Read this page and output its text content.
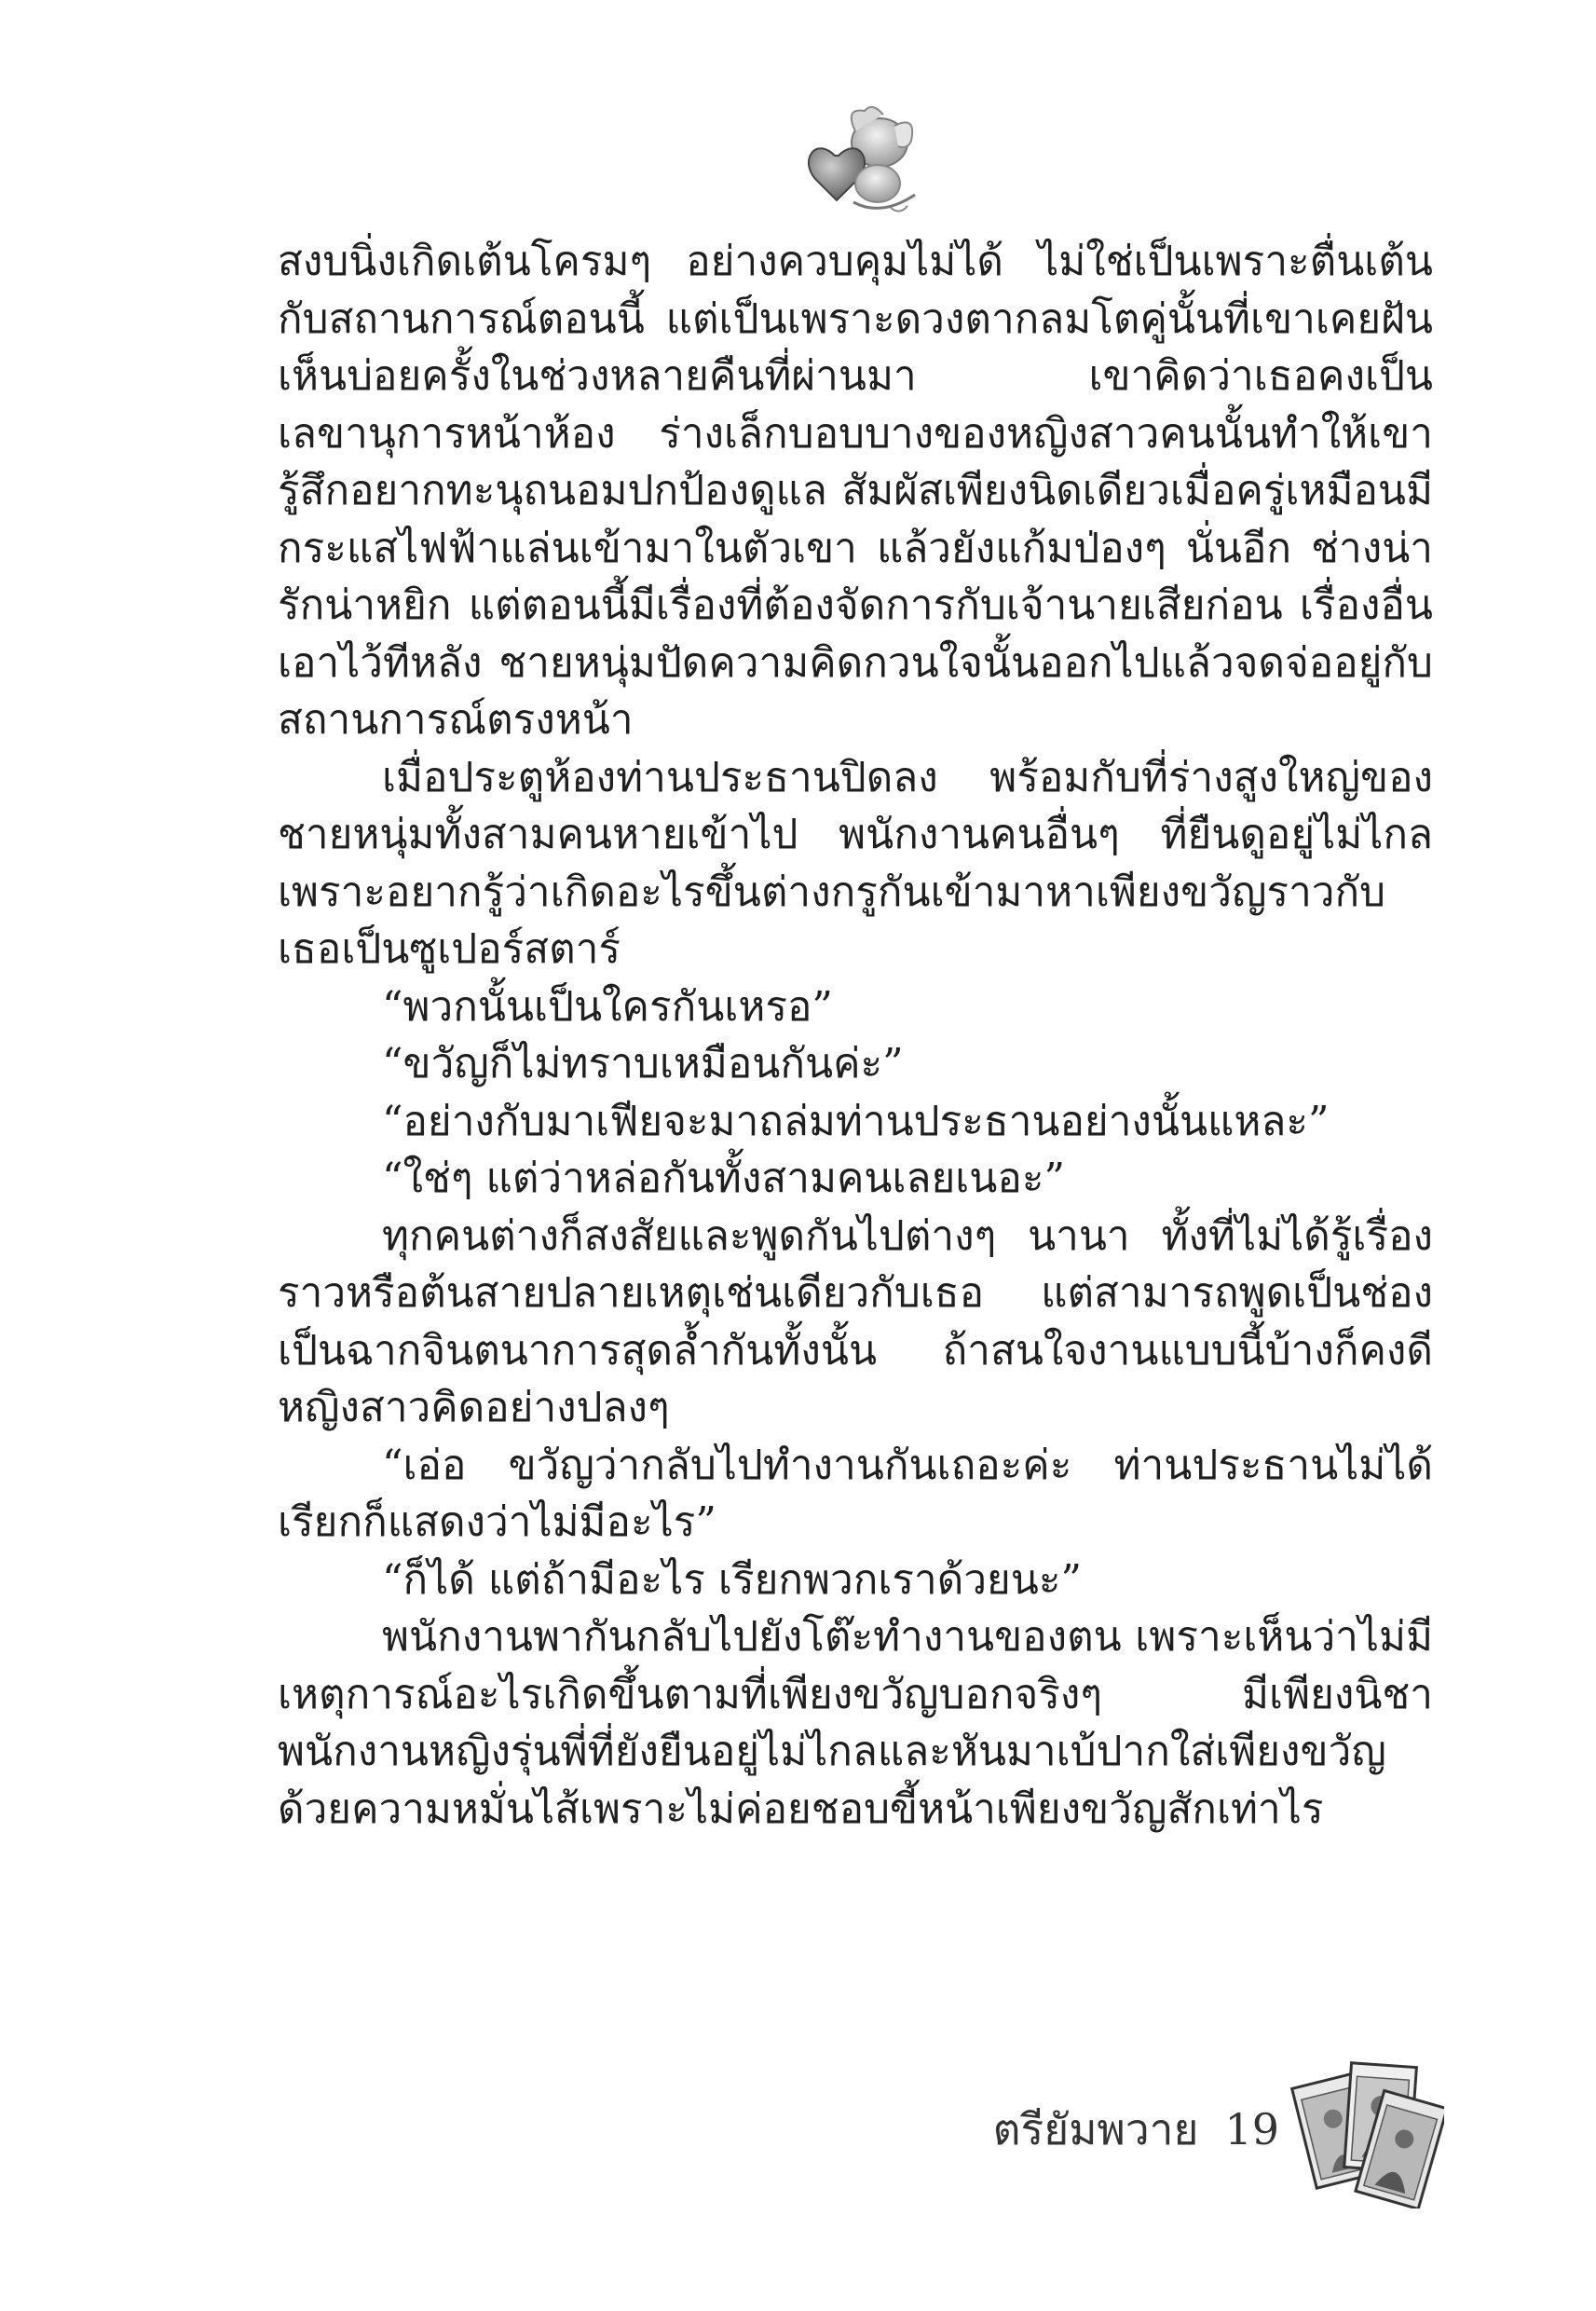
สงบนิ่งเกิดเต้นโครมๆ อย่างควบคุมไม่ได้ ไม่ใช่เป็นเพราะตื่นเต้นกับสถานการณ์ตอนนี้ แต่เป็นเพราะดวงตากลมโตคู่นั้นที่เขาเคยฝันเห็นบ่อยครั้งในช่วงหลายคืนที่ผ่านมา เขาคิดว่าเธอคงเป็นเลขานุการหน้าห้อง ร่างเล็กบอบบางของหญิงสาวคนนั้นทำให้เขารู้สึกอยากทะนุถนอมปกป้องดูแล สัมผัสเพียงนิดเดียวเมื่อครู่เหมือนมีกระแสไฟฟ้าแล่นเข้ามาในตัวเขา แล้วยังแก้มป่องๆ นั่นอีก ช่างน่ารักน่าหยิก แต่ตอนนี้มีเรื่องที่ต้องจัดการกับเจ้านายเสียก่อน เรื่องอื่นเอาไว้ทีหลัง ชายหนุ่มปัดความคิดกวนใจนั้นออกไปแล้วจดจ่ออยู่กับสถานการณ์ตรงหน้า

เมื่อประตูห้องท่านประธานปิดลง พร้อมกับที่ร่างสูงใหญ่ของชายหนุ่มทั้งสามคนหายเข้าไป พนักงานคนอื่นๆ ที่ยืนดูอยู่ไม่ไกลเพราะอยากรู้ว่าเกิดอะไรขึ้นต่างกรูกันเข้ามาหาเพียงขวัญราวกับเธอเป็นซูเปอร์สตาร์

“พวกนั้นเป็นใครกันเหรอ”

“ขวัญก็ไม่ทราบเหมือนกันค่ะ”

“อย่างกับมาเฟียจะมาถล่มท่านประธานอย่างนั้นแหละ”

“ใช่ๆ แต่ว่าหล่อกันทั้งสามคนเลยเนอะ”

ทุกคนต่างก็สงสัยและพูดกันไปต่างๆ นานา ทั้งที่ไม่ได้รู้เรื่องราวหรือต้นสายปลายเหตุเช่นเดียวกับเธอ แต่สามารถพูดเป็นช่องเป็นฉากจินตนาการสุดล้ำกันทั้งนั้น ถ้าสนใจงานแบบนี้บ้างก็คงดี หญิงสาวคิดอย่างปลงๆ

“เอ่อ ขวัญว่ากลับไปทำงานกันเถอะค่ะ ท่านประธานไม่ได้เรียกก็แสดงว่าไม่มีอะไร”

“ก็ได้ แต่ถ้ามีอะไร เรียกพวกเราด้วยนะ”

พนักงานพากันกลับไปยังโต๊ะทำงานของตน เพราะเห็นว่าไม่มีเหตุการณ์อะไรเกิดขึ้นตามที่เพียงขวัญบอกจริงๆ มีเพียงนิชาพนักงานหญิงรุ่นพี่ที่ยังยืนอยู่ไม่ไกลและหันมาเบ้ปากใส่เพียงขวัญด้วยความหมั่นไส้เพราะไม่ค่อยชอบขี้หน้าเพียงขวัญสักเท่าไร

ตรียัมพวาย 19
